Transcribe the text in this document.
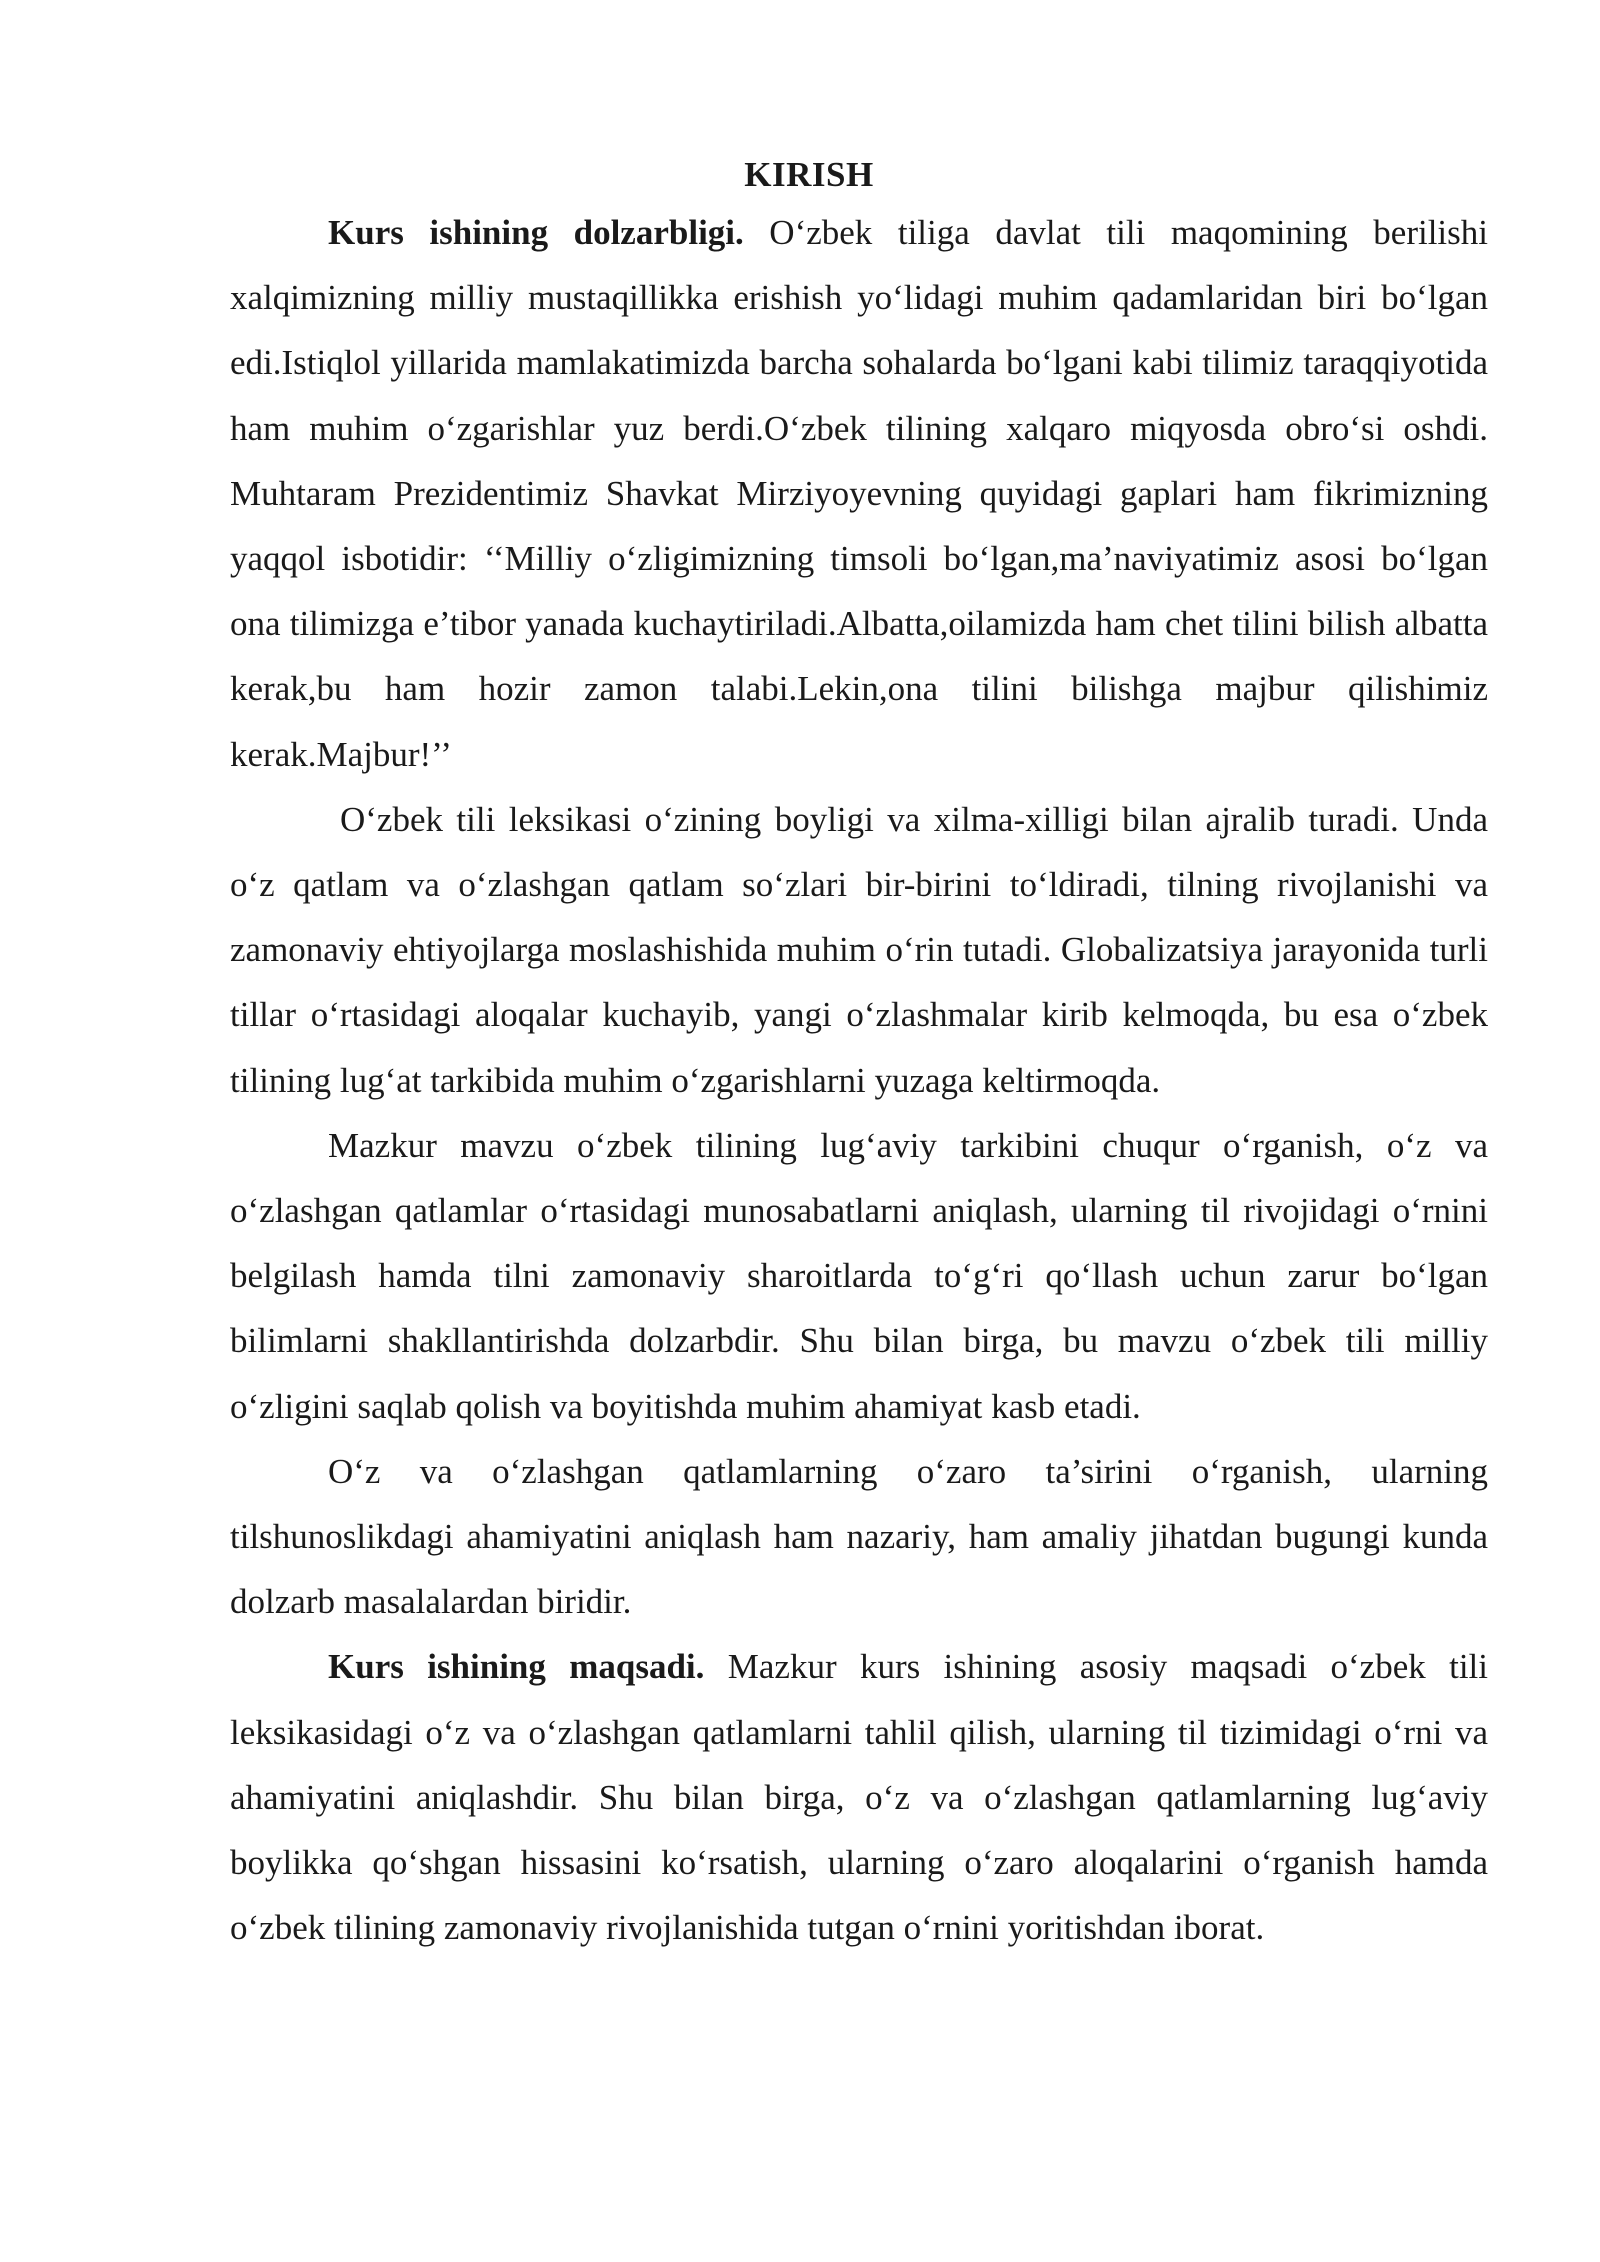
KIRISH

Kurs ishining dolzarbligi. O‘zbek tiliga davlat tili maqomining berilishi xalqimizning milliy mustaqillikka erishish yo‘lidagi muhim qadamlaridan biri bo‘lgan edi.Istiqlol yillarida mamlakatimizda barcha sohalarda bo‘lgani kabi tilimiz taraqqiyotida ham muhim o‘zgarishlar yuz berdi.O‘zbek tilining xalqaro miqyosda obro‘si oshdi. Muhtaram Prezidentimiz Shavkat Mirziyoyevning quyidagi gaplari ham fikrimizning yaqqol isbotidir: ‘‘Milliy o‘zligimizning timsoli bo‘lgan,ma’naviyatimiz asosi bo‘lgan ona tilimizga e’tibor yanada kuchaytiriladi.Albatta,oilamizda ham chet tilini bilish albatta kerak,bu ham hozir zamon talabi.Lekin,ona tilini bilishga majbur qilishimiz kerak.Majbur!’’

O‘zbek tili leksikasi o‘zining boyligi va xilma-xilligi bilan ajralib turadi. Unda o‘z qatlam va o‘zlashgan qatlam so‘zlari bir-birini to‘ldiradi, tilning rivojlanishi va zamonaviy ehtiyojlarga moslashishida muhim o‘rin tutadi. Globalizatsiya jarayonida turli tillar o‘rtasidagi aloqalar kuchayib, yangi o‘zlashmalar kirib kelmoqda, bu esa o‘zbek tilining lug‘at tarkibida muhim o‘zgarishlarni yuzaga keltirmoqda.

Mazkur mavzu o‘zbek tilining lug‘aviy tarkibini chuqur o‘rganish, o‘z va o‘zlashgan qatlamlar o‘rtasidagi munosabatlarni aniqlash, ularning til rivojidagi o‘rnini belgilash hamda tilni zamonaviy sharoitlarda to‘g‘ri qo‘llash uchun zarur bo‘lgan bilimlarni shakllantirishda dolzarbdir. Shu bilan birga, bu mavzu o‘zbek tili milliy o‘zligini saqlab qolish va boyitishda muhim ahamiyat kasb etadi.

O‘z va o‘zlashgan qatlamlarning o‘zaro ta’sirini o‘rganish, ularning tilshunoslikdagi ahamiyatini aniqlash ham nazariy, ham amaliy jihatdan bugungi kunda dolzarb masalalardan biridir.

Kurs ishining maqsadi. Mazkur kurs ishining asosiy maqsadi o‘zbek tili leksikasidagi o‘z va o‘zlashgan qatlamlarni tahlil qilish, ularning til tizimidagi o‘rni va ahamiyatini aniqlashdir. Shu bilan birga, o‘z va o‘zlashgan qatlamlarning lug‘aviy boylikka qo‘shgan hissasini ko‘rsatish, ularning o‘zaro aloqalarini o‘rganish hamda o‘zbek tilining zamonaviy rivojlanishida tutgan o‘rnini yoritishdan iborat.
